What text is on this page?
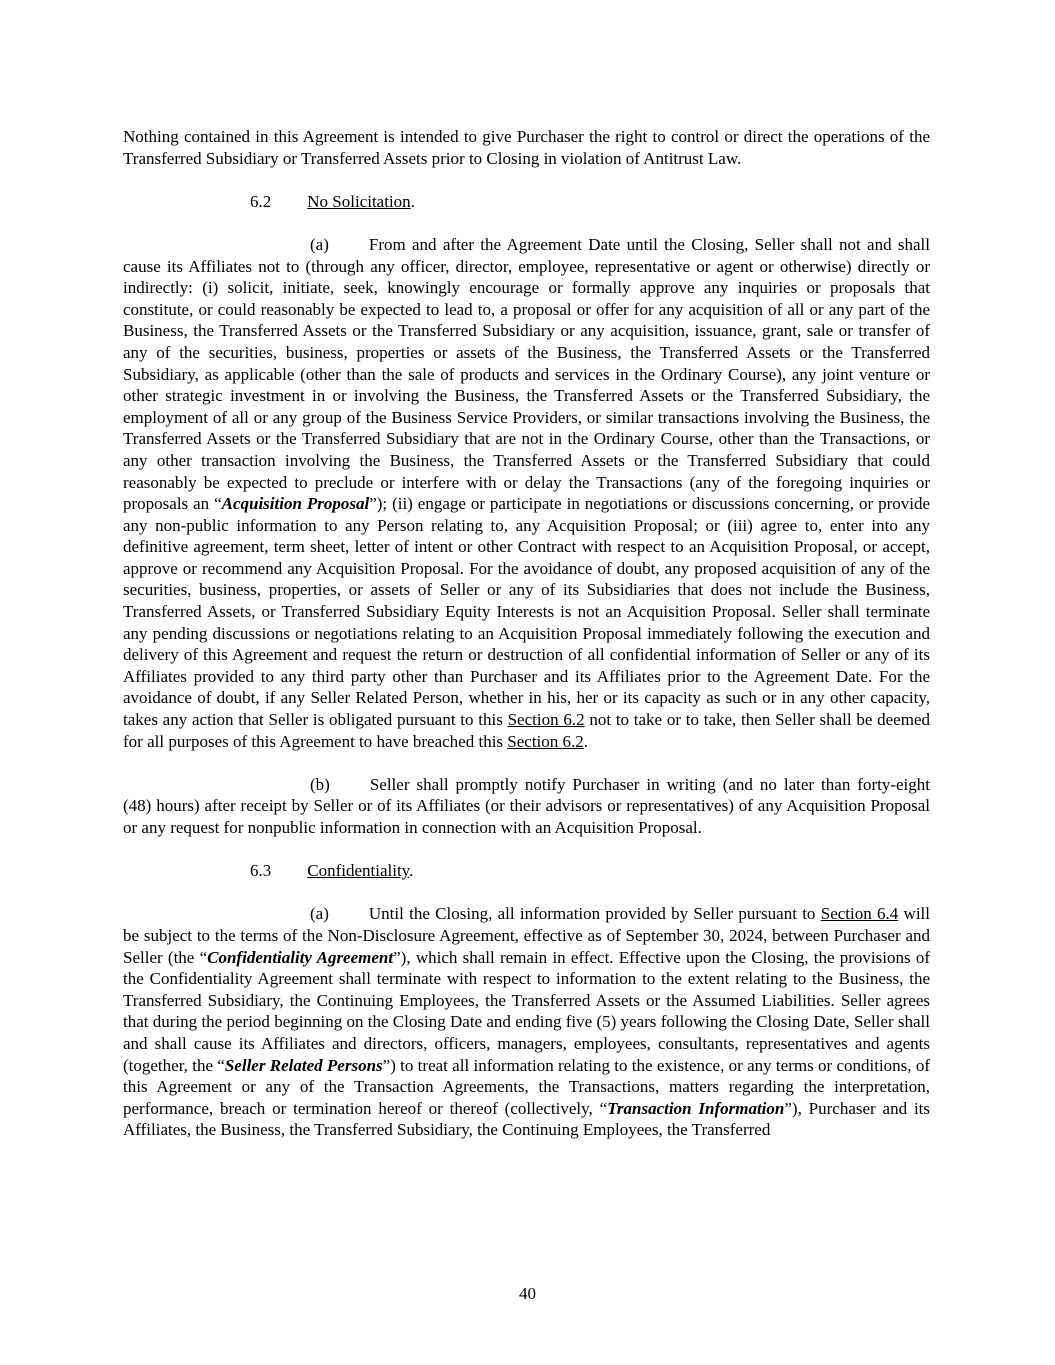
Nothing contained in this Agreement is intended to give Purchaser the right to control or direct the operations of the Transferred Subsidiary or Transferred Assets prior to Closing in violation of Antitrust Law.
6.2 No Solicitation.
(a) From and after the Agreement Date until the Closing, Seller shall not and shall cause its Affiliates not to (through any officer, director, employee, representative or agent or otherwise) directly or indirectly: (i) solicit, initiate, seek, knowingly encourage or formally approve any inquiries or proposals that constitute, or could reasonably be expected to lead to, a proposal or offer for any acquisition of all or any part of the Business, the Transferred Assets or the Transferred Subsidiary or any acquisition, issuance, grant, sale or transfer of any of the securities, business, properties or assets of the Business, the Transferred Assets or the Transferred Subsidiary, as applicable (other than the sale of products and services in the Ordinary Course), any joint venture or other strategic investment in or involving the Business, the Transferred Assets or the Transferred Subsidiary, the employment of all or any group of the Business Service Providers, or similar transactions involving the Business, the Transferred Assets or the Transferred Subsidiary that are not in the Ordinary Course, other than the Transactions, or any other transaction involving the Business, the Transferred Assets or the Transferred Subsidiary that could reasonably be expected to preclude or interfere with or delay the Transactions (any of the foregoing inquiries or proposals an “Acquisition Proposal”); (ii) engage or participate in negotiations or discussions concerning, or provide any non-public information to any Person relating to, any Acquisition Proposal; or (iii) agree to, enter into any definitive agreement, term sheet, letter of intent or other Contract with respect to an Acquisition Proposal, or accept, approve or recommend any Acquisition Proposal. For the avoidance of doubt, any proposed acquisition of any of the securities, business, properties, or assets of Seller or any of its Subsidiaries that does not include the Business, Transferred Assets, or Transferred Subsidiary Equity Interests is not an Acquisition Proposal. Seller shall terminate any pending discussions or negotiations relating to an Acquisition Proposal immediately following the execution and delivery of this Agreement and request the return or destruction of all confidential information of Seller or any of its Affiliates provided to any third party other than Purchaser and its Affiliates prior to the Agreement Date. For the avoidance of doubt, if any Seller Related Person, whether in his, her or its capacity as such or in any other capacity, takes any action that Seller is obligated pursuant to this Section 6.2 not to take or to take, then Seller shall be deemed for all purposes of this Agreement to have breached this Section 6.2.
(b) Seller shall promptly notify Purchaser in writing (and no later than forty-eight (48) hours) after receipt by Seller or of its Affiliates (or their advisors or representatives) of any Acquisition Proposal or any request for nonpublic information in connection with an Acquisition Proposal.
6.3 Confidentiality.
(a) Until the Closing, all information provided by Seller pursuant to Section 6.4 will be subject to the terms of the Non-Disclosure Agreement, effective as of September 30, 2024, between Purchaser and Seller (the “Confidentiality Agreement”), which shall remain in effect. Effective upon the Closing, the provisions of the Confidentiality Agreement shall terminate with respect to information to the extent relating to the Business, the Transferred Subsidiary, the Continuing Employees, the Transferred Assets or the Assumed Liabilities. Seller agrees that during the period beginning on the Closing Date and ending five (5) years following the Closing Date, Seller shall and shall cause its Affiliates and directors, officers, managers, employees, consultants, representatives and agents (together, the “Seller Related Persons”) to treat all information relating to the existence, or any terms or conditions, of this Agreement or any of the Transaction Agreements, the Transactions, matters regarding the interpretation, performance, breach or termination hereof or thereof (collectively, “Transaction Information”), Purchaser and its Affiliates, the Business, the Transferred Subsidiary, the Continuing Employees, the Transferred
40
